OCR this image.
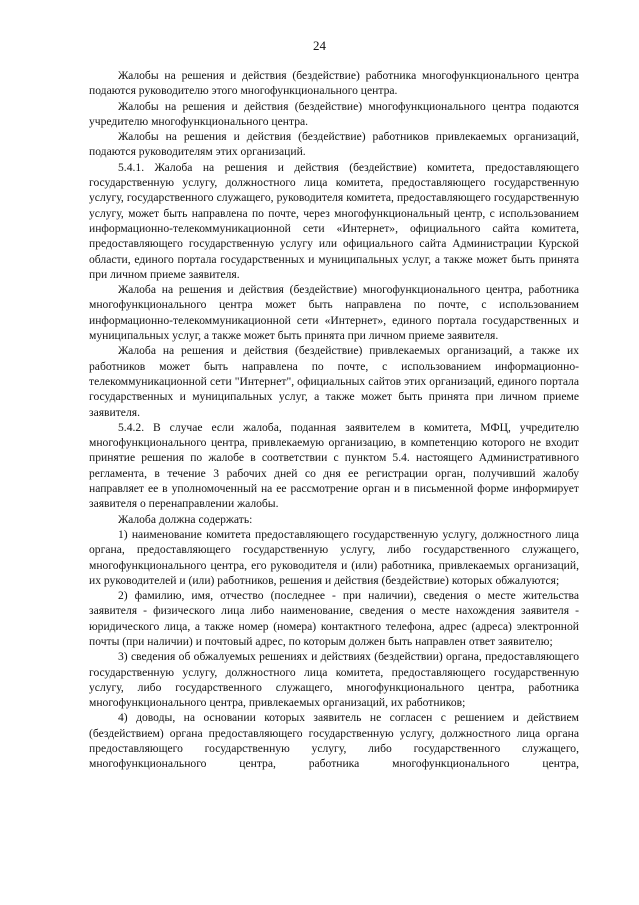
24

Жалобы на решения и действия (бездействие) работника многофункционального центра подаются руководителю этого многофункционального центра.

Жалобы на решения и действия (бездействие) многофункционального центра подаются учредителю многофункционального центра.

Жалобы на решения и действия (бездействие) работников привлекаемых организаций, подаются руководителям этих организаций.

5.4.1. Жалоба на решения и действия (бездействие) комитета, предоставляющего государственную услугу, должностного лица комитета, предоставляющего государственную услугу, государственного служащего, руководителя комитета, предоставляющего государственную услугу, может быть направлена по почте, через многофункциональный центр, с использованием информационно-телекоммуникационной сети «Интернет», официального сайта комитета, предоставляющего государственную услугу или официального сайта Администрации Курской области, единого портала государственных и муниципальных услуг, а также может быть принята при личном приеме заявителя.

Жалоба на решения и действия (бездействие) многофункционального центра, работника многофункционального центра может быть направлена по почте, с использованием информационно-телекоммуникационной сети «Интернет», единого портала государственных и муниципальных услуг, а также может быть принята при личном приеме заявителя.

Жалоба на решения и действия (бездействие) привлекаемых организаций, а также их работников может быть направлена по почте, с использованием информационно-телекоммуникационной сети "Интернет", официальных сайтов этих организаций, единого портала государственных и муниципальных услуг, а также может быть принята при личном приеме заявителя.

5.4.2. В случае если жалоба, поданная заявителем в комитета, МФЦ, учредителю многофункционального центра, привлекаемую организацию, в компетенцию которого не входит принятие решения по жалобе в соответствии с пунктом 5.4. настоящего Административного регламента, в течение 3 рабочих дней со дня ее регистрации орган, получивший жалобу направляет ее в уполномоченный на ее рассмотрение орган и в письменной форме информирует заявителя о перенаправлении жалобы.

Жалоба должна содержать:

1) наименование комитета предоставляющего государственную услугу, должностного лица органа, предоставляющего государственную услугу, либо государственного служащего, многофункционального центра, его руководителя и (или) работника, привлекаемых организаций, их руководителей и (или) работников, решения и действия (бездействие) которых обжалуются;

2) фамилию, имя, отчество (последнее - при наличии), сведения о месте жительства заявителя - физического лица либо наименование, сведения о месте нахождения заявителя - юридического лица, а также номер (номера) контактного телефона, адрес (адреса) электронной почты (при наличии) и почтовый адрес, по которым должен быть направлен ответ заявителю;

3) сведения об обжалуемых решениях и действиях (бездействии) органа, предоставляющего государственную услугу, должностного лица комитета, предоставляющего государственную услугу, либо государственного служащего, многофункционального центра, работника многофункционального центра, привлекаемых организаций, их работников;

4) доводы, на основании которых заявитель не согласен с решением и действием (бездействием) органа предоставляющего государственную услугу, должностного лица органа предоставляющего государственную услугу, либо государственного служащего, многофункционального центра, работника многофункционального центра,
